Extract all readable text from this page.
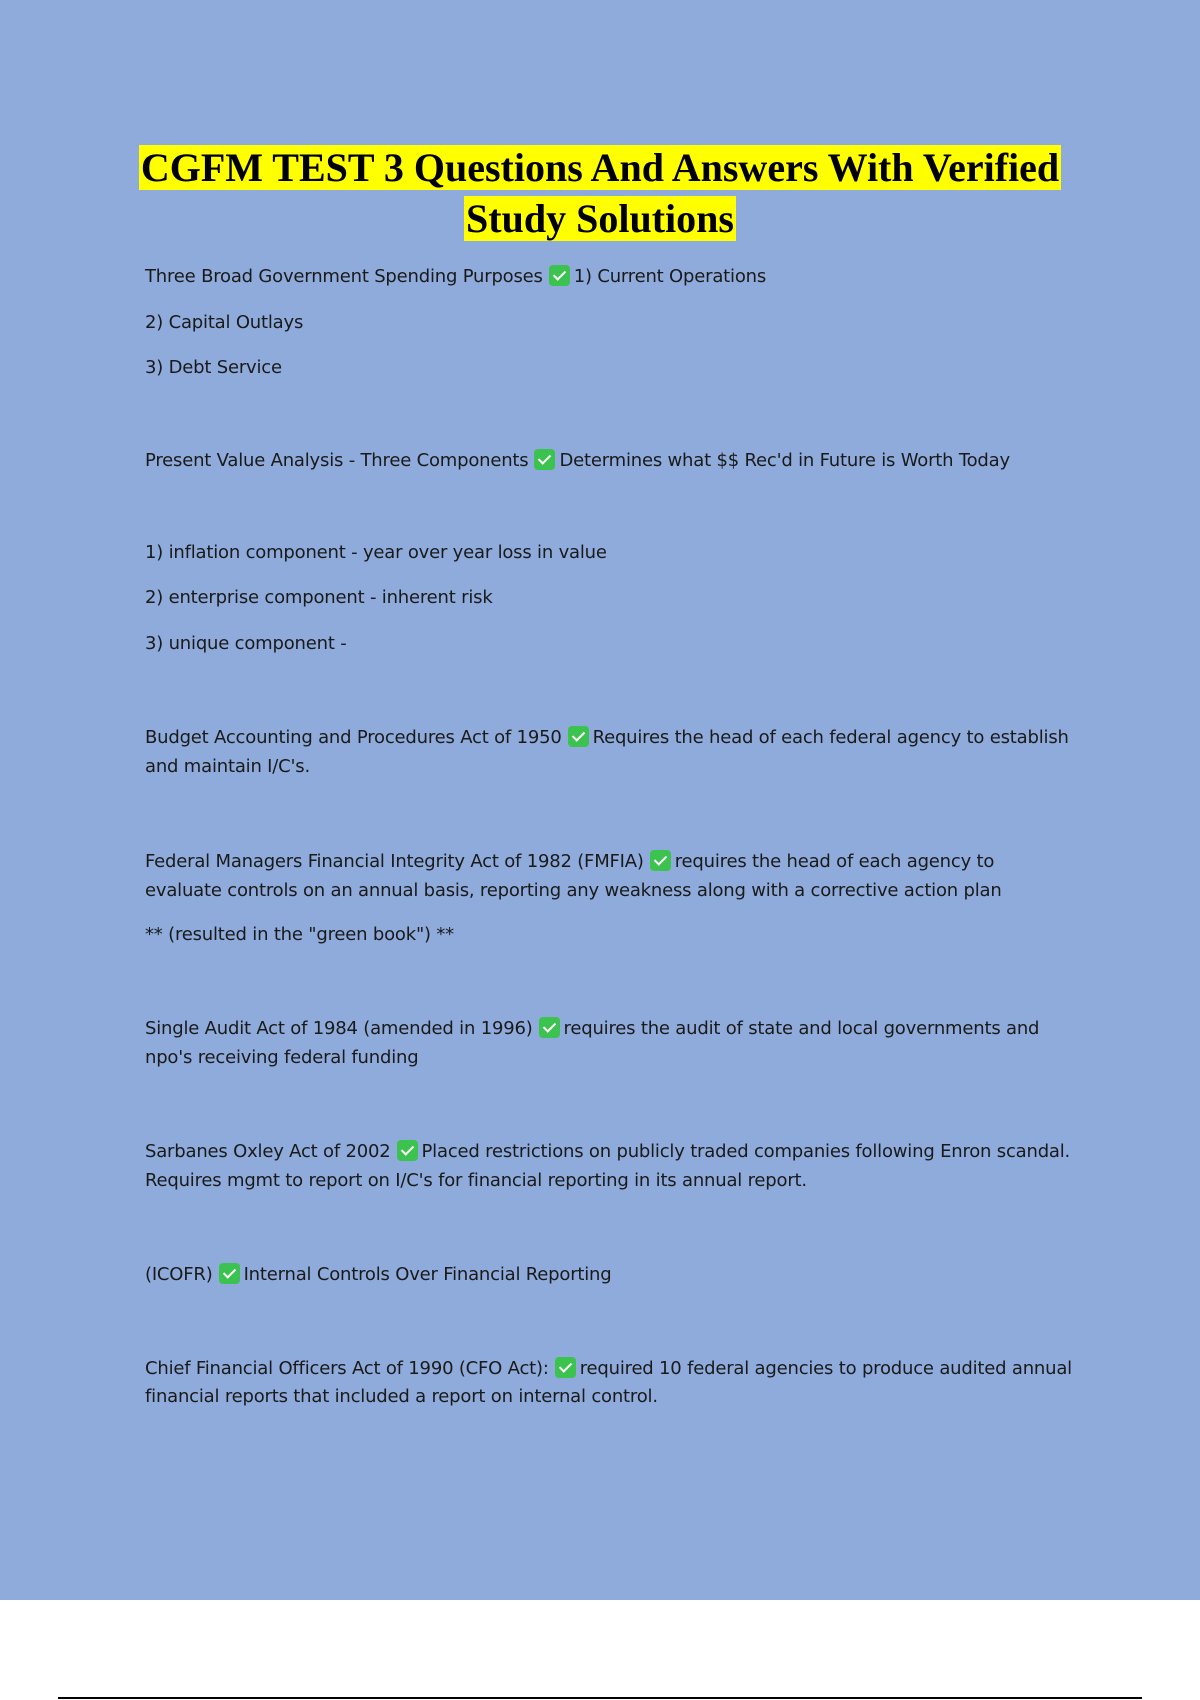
CGFM TEST 3 Questions And Answers With Verified
Study Solutions
Three Broad Government Spending Purposes 1) Current Operations
2) Capital Outlays
3) Debt Service
Present Value Analysis - Three Components Determines what $$ Rec'd in Future is Worth Today
1) inflation component - year over year loss in value
2) enterprise component - inherent risk
3) unique component -
Budget Accounting and Procedures Act of 1950 Requires the head of each federal agency to establish
and maintain I/C's.
Federal Managers Financial Integrity Act of 1982 (FMFIA) requires the head of each agency to
evaluate controls on an annual basis, reporting any weakness along with a corrective action plan
** (resulted in the "green book") **
Single Audit Act of 1984 (amended in 1996) requires the audit of state and local governments and
npo's receiving federal funding
Sarbanes Oxley Act of 2002 Placed restrictions on publicly traded companies following Enron scandal.
Requires mgmt to report on I/C's for financial reporting in its annual report.
(ICOFR) Internal Controls Over Financial Reporting
Chief Financial Officers Act of 1990 (CFO Act): required 10 federal agencies to produce audited annual
financial reports that included a report on internal control.
